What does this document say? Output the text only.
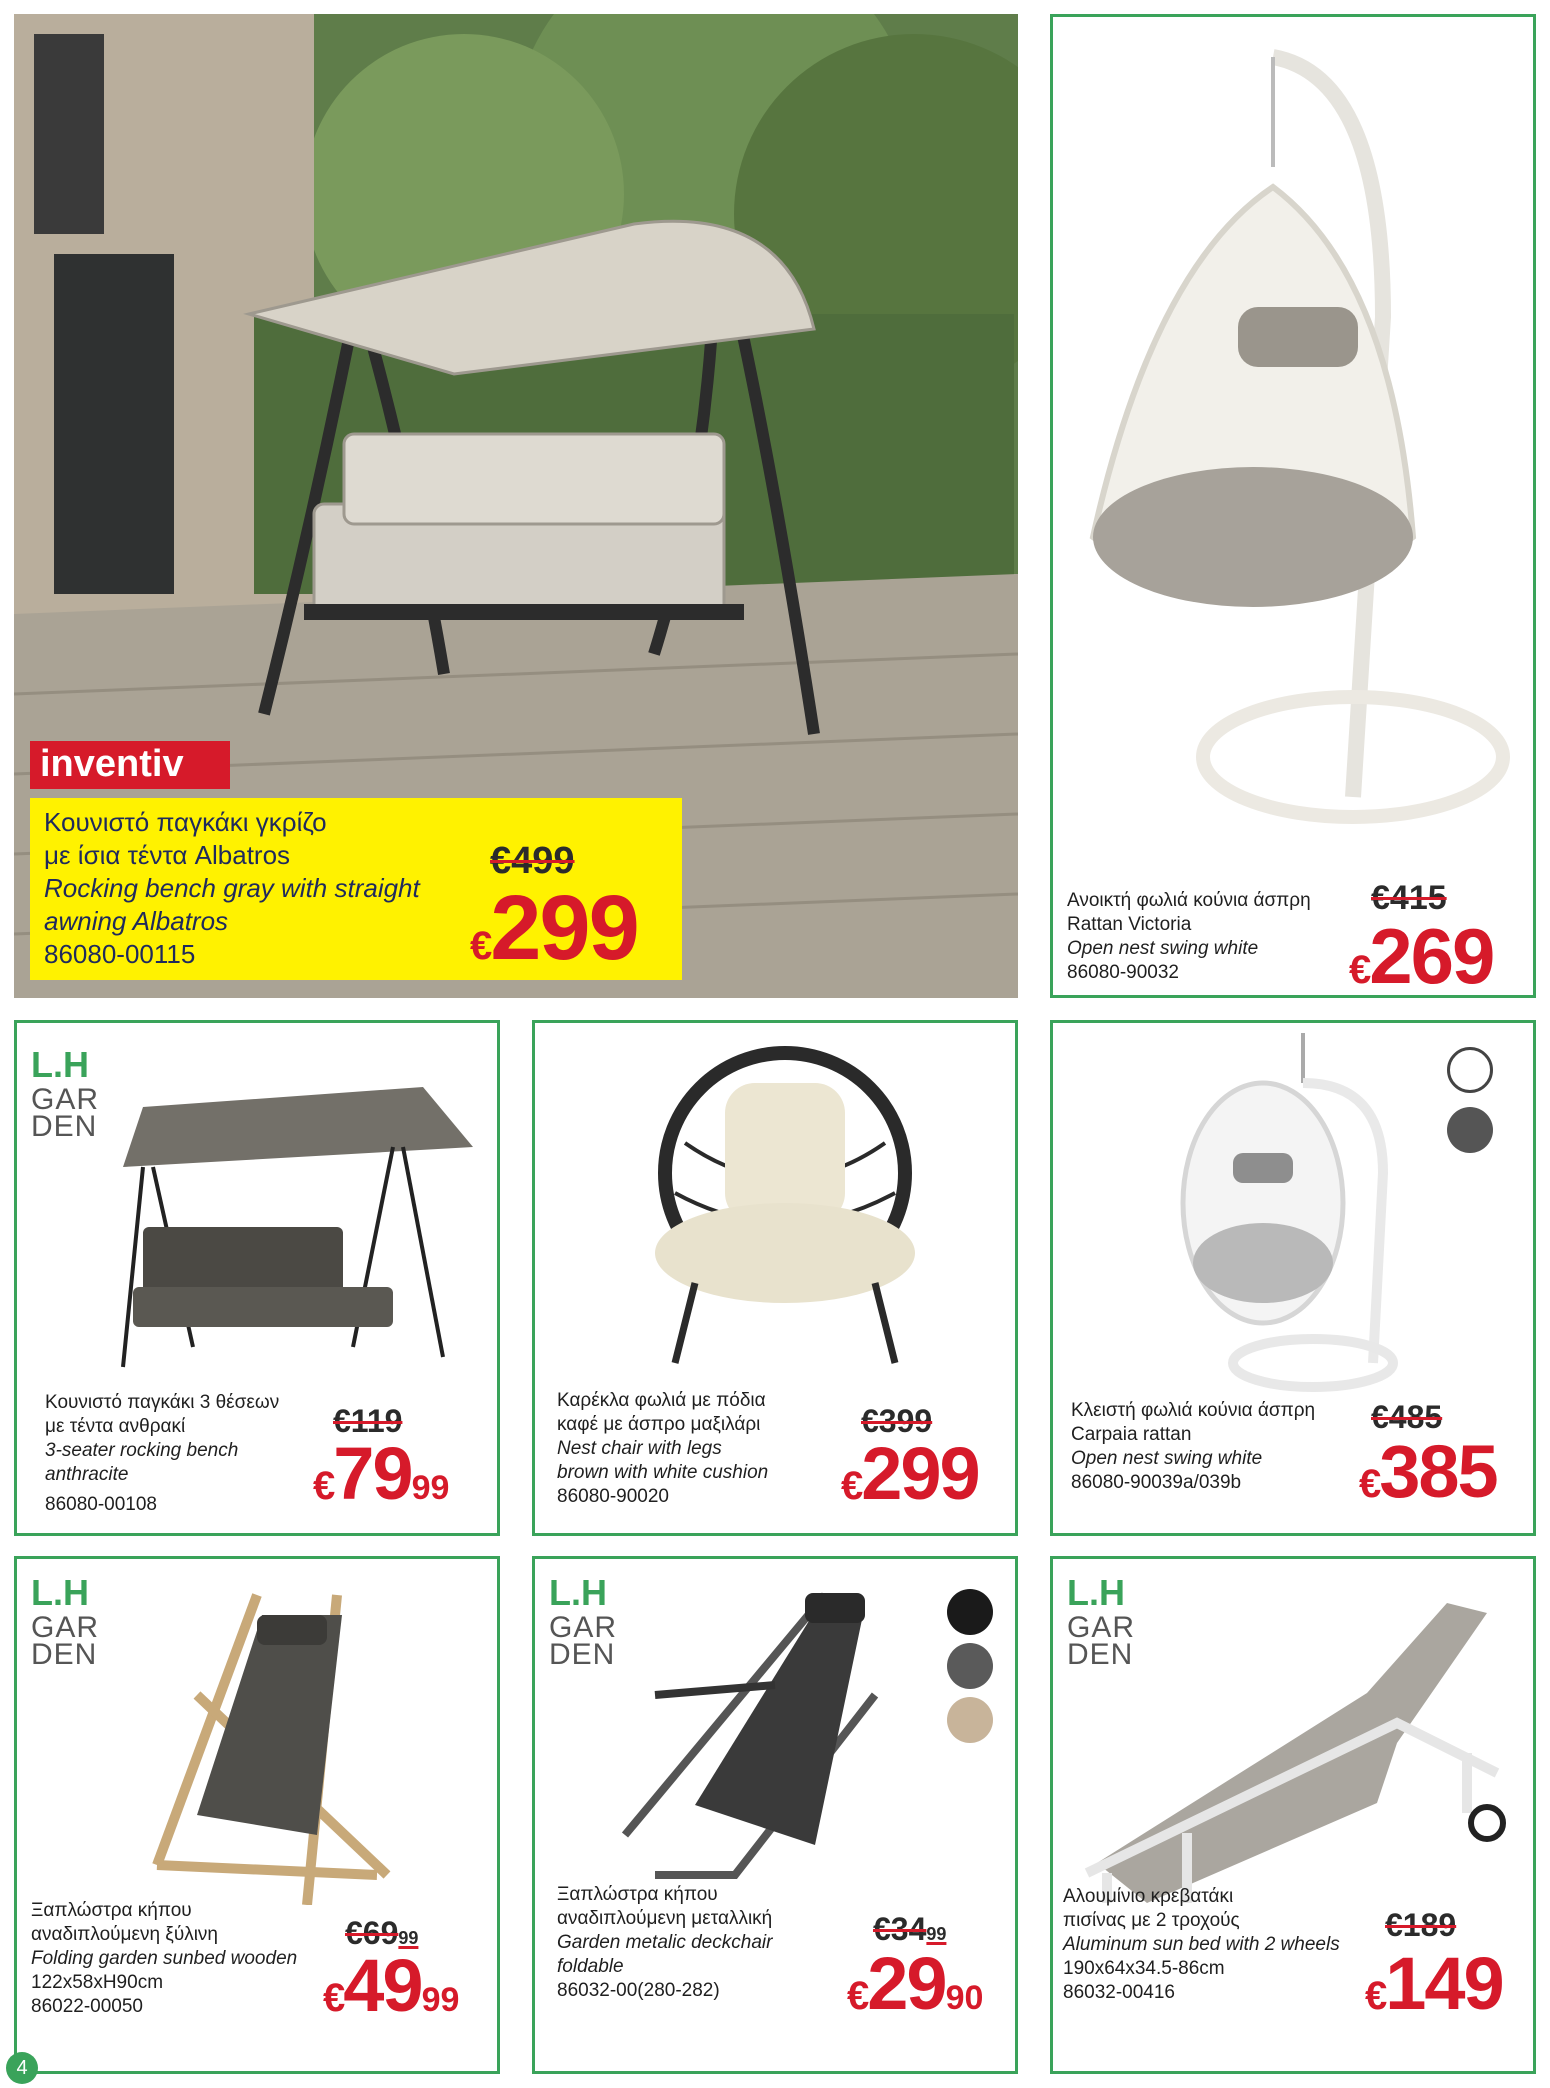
inventiv
Κουνιστό παγκάκι γκρίζο
με ίσια τέντα Albatros
Rocking bench gray with straight
awning Albatros
86080-00115
€499
€299	Ανοικτή φωλιά κούνια άσπρη
Rattan Victoria
Open nest swing white
86080-90032
€415
€269
L.H
GAR
DEN
Κουνιστό παγκάκι 3 θέσεων
με τέντα ανθρακί
3-seater rocking bench
anthracite
86080-00108
€119
€7999
Καρέκλα φωλιά με πόδια
καφέ με άσπρο μαξιλάρι
Nest chair with legs
brown with white cushion
86080-90020
€399
€299
Κλειστή φωλιά κούνια άσπρη
Carpaia rattan
Open nest swing white
86080-90039a/039b
€485
€385
L.H
GAR
DEN
Ξαπλώστρα κήπου
αναδιπλούμενη ξύλινη
Folding garden sunbed wooden
122x58xH90cm
86022-00050
€6999
€4999
L.H
GAR
DEN
Ξαπλώστρα κήπου
αναδιπλούμενη μεταλλική
Garden metalic deckchair
foldable
86032-00(280-282)
€3499
€2990
L.H
GAR
DEN
Αλουμίνιο κρεβατάκι
πισίνας με 2 τροχούς
Aluminum sun bed with 2 wheels
190x64x34.5-86cm
86032-00416
€189
€149
4
